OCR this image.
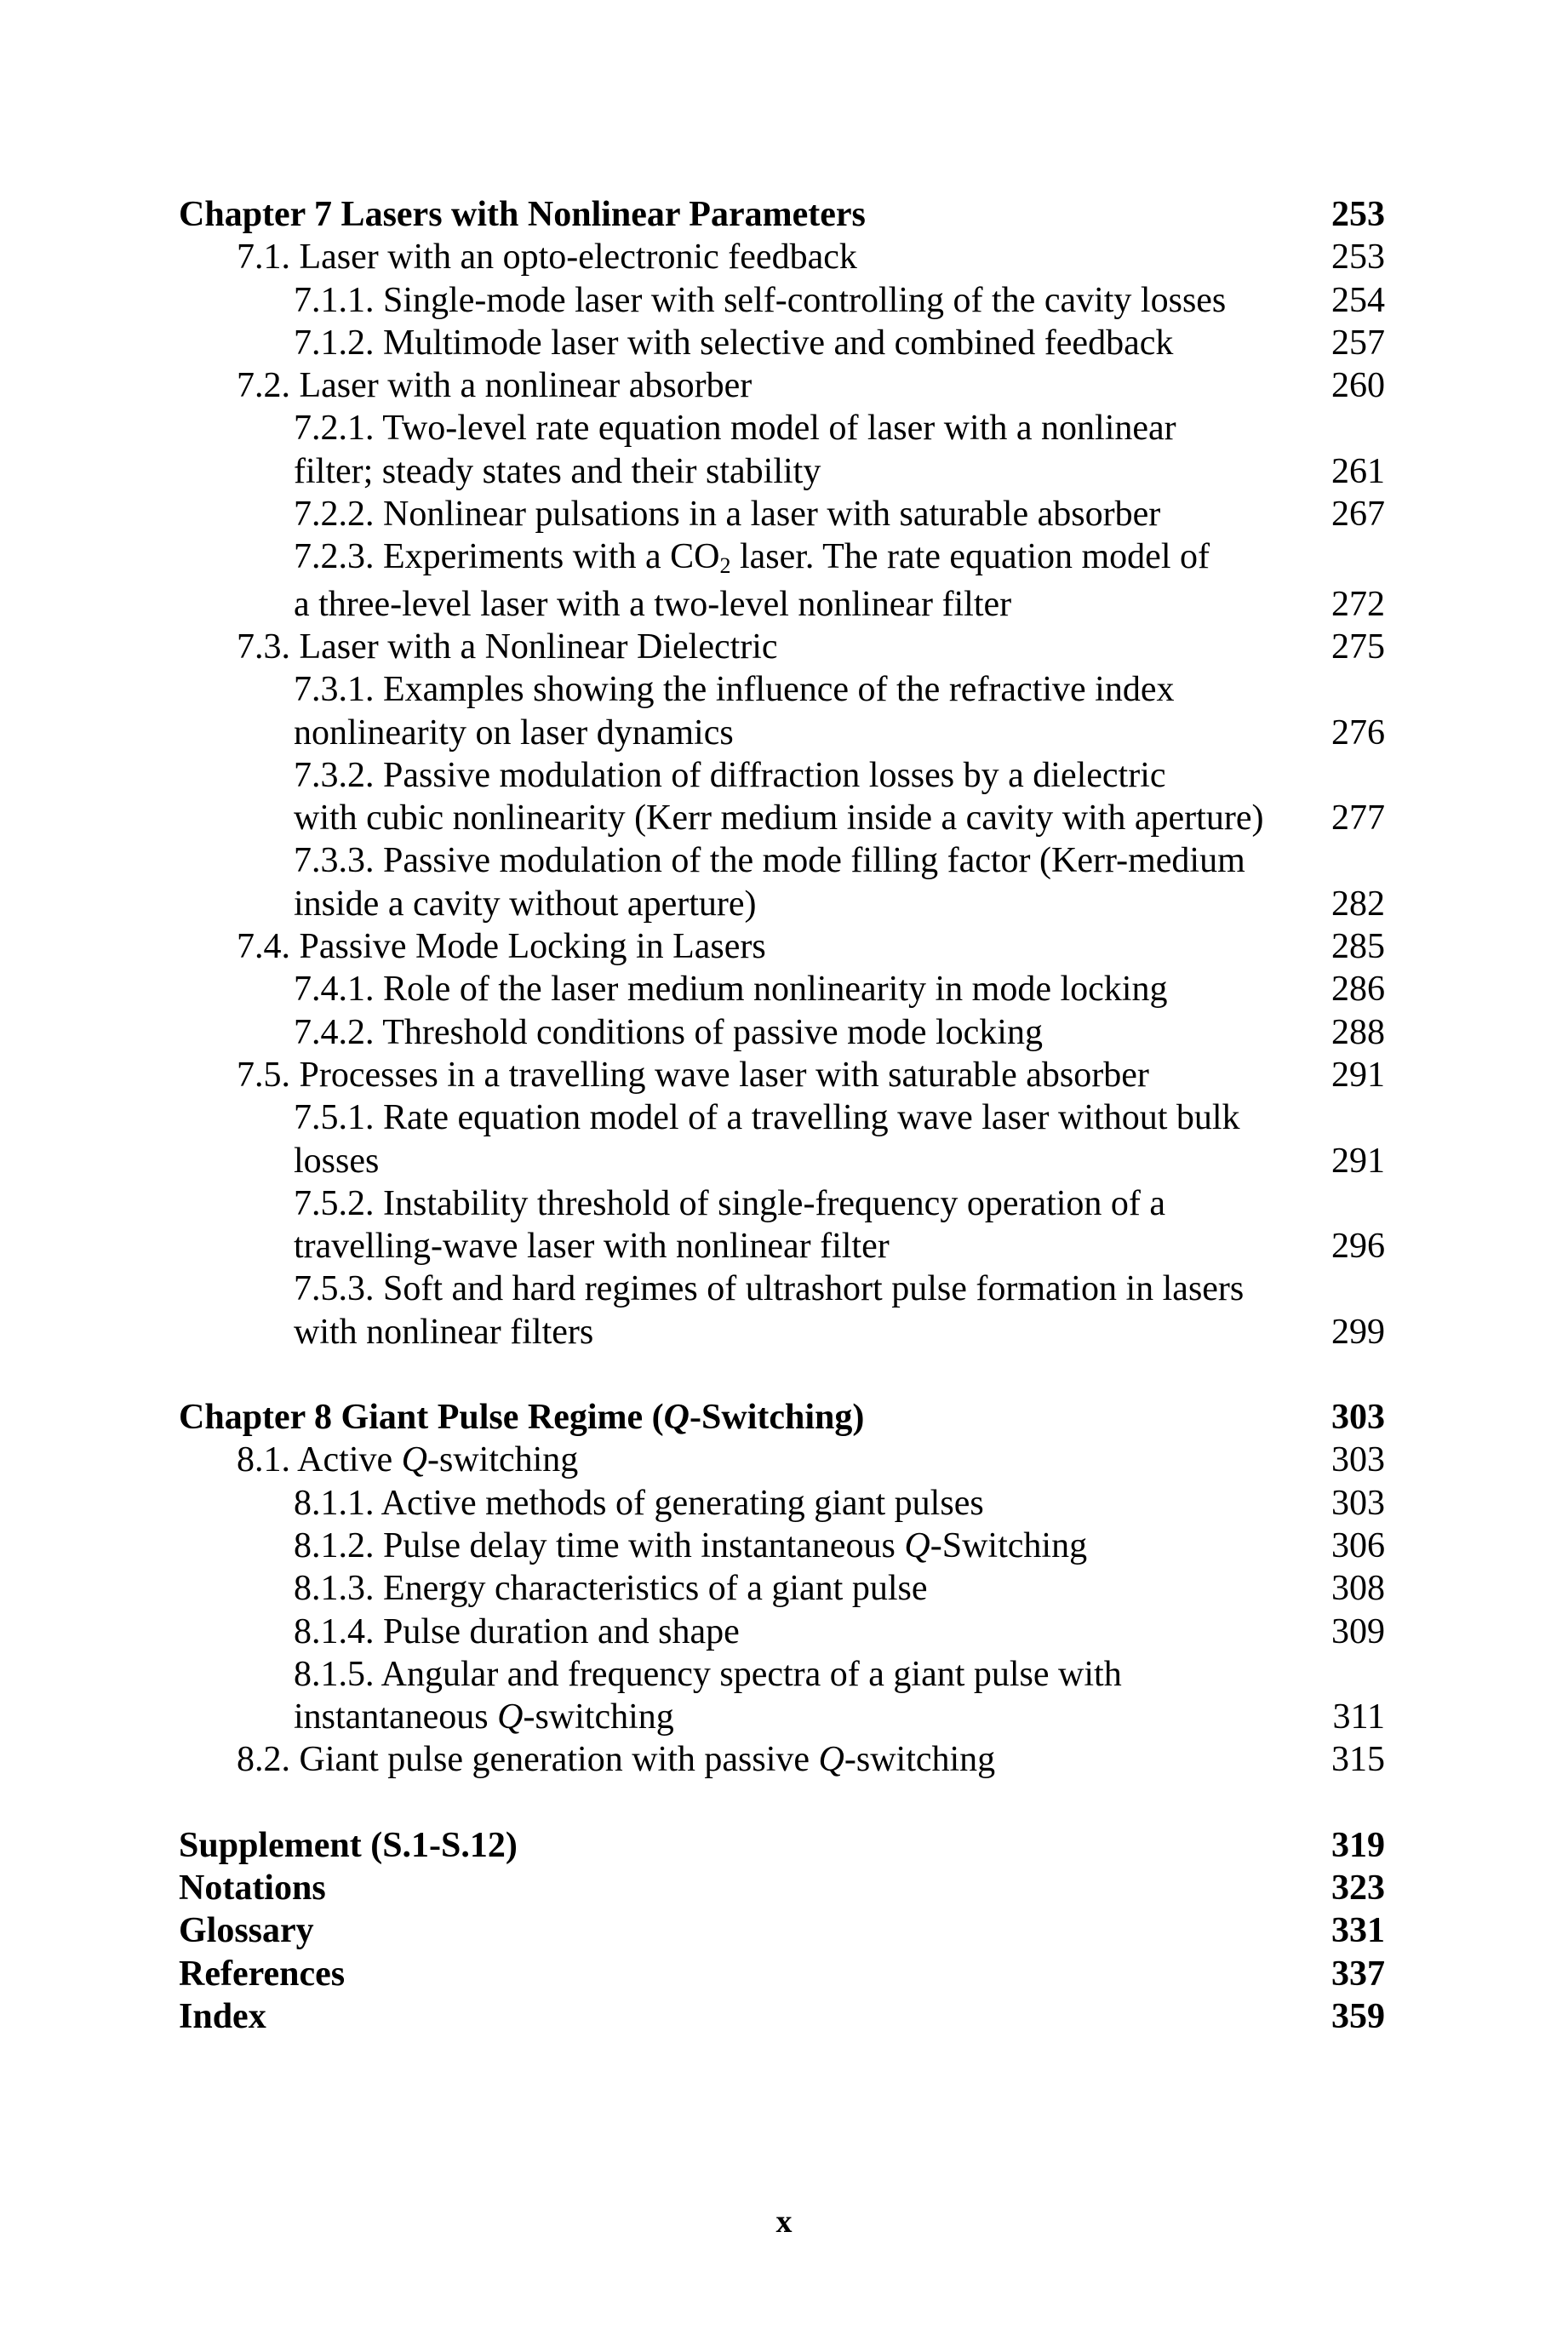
Chapter 7 Lasers with Nonlinear Parameters	253
7.1. Laser with an opto-electronic feedback	253
7.1.1. Single-mode laser with self-controlling of the cavity losses	254
7.1.2. Multimode laser with selective and combined feedback	257
7.2. Laser with a nonlinear absorber	260
7.2.1. Two-level rate equation model of laser with a nonlinear
filter; steady states and their stability	261
7.2.2. Nonlinear pulsations in a laser with saturable absorber	267
7.2.3. Experiments with a CO2 laser. The rate equation model of
a three-level laser with a two-level nonlinear filter	272
7.3. Laser with a Nonlinear Dielectric	275
7.3.1. Examples showing the influence of the refractive index
nonlinearity on laser dynamics	276
7.3.2. Passive modulation of diffraction losses by a dielectric
with cubic nonlinearity (Kerr medium inside a cavity with aperture) 277
7.3.3. Passive modulation of the mode filling factor (Kerr-medium
inside a cavity without aperture)	282
7.4. Passive Mode Locking in Lasers	285
7.4.1. Role of the laser medium nonlinearity in mode locking	286
7.4.2. Threshold conditions of passive mode locking	288
7.5. Processes in a travelling wave laser with saturable absorber	291
7.5.1. Rate equation model of a travelling wave laser without bulk
losses	291
7.5.2. Instability threshold of single-frequency operation of a
travelling-wave laser with nonlinear filter	296
7.5.3. Soft and hard regimes of ultrashort pulse formation in lasers
with nonlinear filters	299
Chapter 8 Giant Pulse Regime (Q-Switching)	303
8.1. Active Q-switching	303
8.1.1. Active methods of generating giant pulses	303
8.1.2. Pulse delay time with instantaneous Q-Switching	306
8.1.3. Energy characteristics of a giant pulse	308
8.1.4. Pulse duration and shape	309
8.1.5. Angular and frequency spectra of a giant pulse with
instantaneous Q-switching	311
8.2. Giant pulse generation with passive Q-switching	315
Supplement (S.1-S.12)	319
Notations	323
Glossary	331
References	337
Index	359
x
